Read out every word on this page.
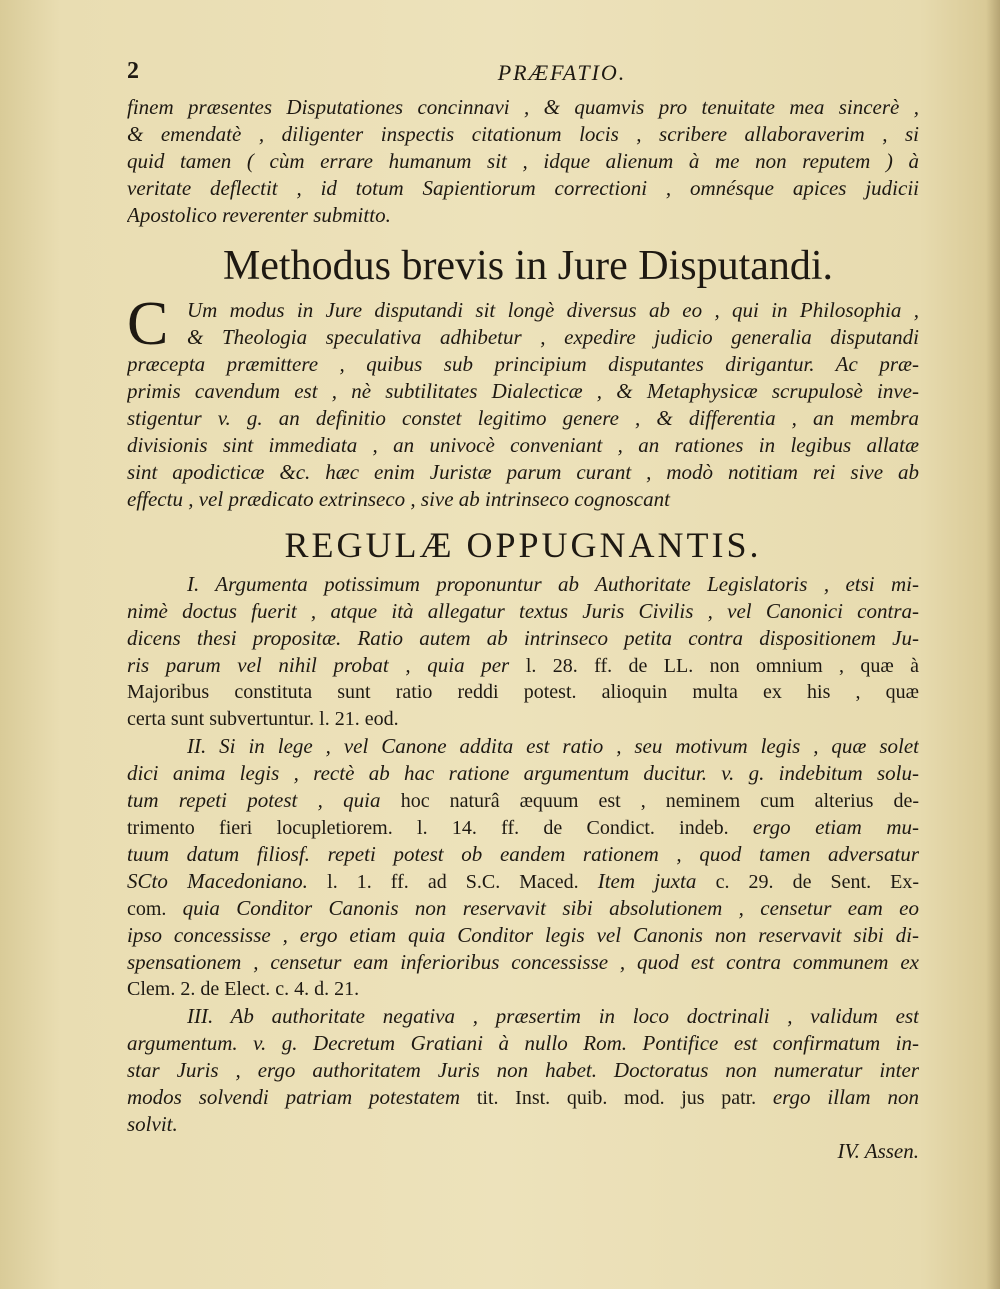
2	PRÆFATIO.
finem præsentes Disputationes concinnavi , & quamvis pro tenuitate mea sincerè ,
& emendatè , diligenter inspectis citationum locis , scribere allaboraverim , si
quid tamen ( cùm errare humanum sit , idque alienum à me non reputem ) à
veritate deflectit , id totum Sapientiorum correctioni , omnésque apices judicii
Apostolico reverenter submitto.
Methodus brevis in Jure Disputandi.
C Um modus in Jure disputandi sit longè diversus ab eo , qui in Philosophia ,
& Theologia speculativa adhibetur , expedire judicio generalia disputandi
præcepta præmittere , quibus sub principium disputantes dirigantur. Ac præ-
primis cavendum est , nè subtilitates Dialecticæ , & Metaphysicæ scrupulosè inve-
stigentur v. g. an definitio constet legitimo genere , & differentia , an membra
divisionis sint immediata , an univocè conveniant , an rationes in legibus allatæ
sint apodicticæ &c. hæc enim Juristæ parum curant , modò notitiam rei sive ab
effectu , vel prædicato extrinseco , sive ab intrinseco cognoscant
REGULÆ OPPUGNANTIS.
I. Argumenta potissimum proponuntur ab Authoritate Legislatoris , etsi mi-
nimè doctus fuerit , atque ità allegatur textus Juris Civilis , vel Canonici contra-
dicens thesi propositæ. Ratio autem ab intrinseco petita contra dispositionem Ju-
ris parum vel nihil probat , quia per l. 28. ff. de LL. non omnium , quæ à
Majoribus constituta sunt ratio reddi potest. alioquin multa ex his , quæ
certa sunt subvertuntur. l. 21. eod.
II. Si in lege , vel Canone addita est ratio , seu motivum legis , quæ solet
dici anima legis , rectè ab hac ratione argumentum ducitur. v. g. indebitum solu-
tum repeti potest , quia hoc naturâ æquum est , neminem cum alterius de-
trimento fieri locupletiorem. l. 14. ff. de Condict. indeb. ergo etiam mu-
tuum datum filiosf. repeti potest ob eandem rationem , quod tamen adversatur
SCto Macedoniano. l. 1. ff. ad S.C. Maced. Item juxta c. 29. de Sent. Ex-
com. quia Conditor Canonis non reservavit sibi absolutionem , censetur eam eo
ipso concessisse , ergo etiam quia Conditor legis vel Canonis non reservavit sibi di-
spensationem , censetur eam inferioribus concessisse , quod est contra communem ex
Clem. 2. de Elect. c. 4. d. 21.
III. Ab authoritate negativa , præsertim in loco doctrinali , validum est
argumentum. v. g. Decretum Gratiani à nullo Rom. Pontifice est confirmatum in-
star Juris , ergo authoritatem Juris non habet. Doctoratus non numeratur inter
modos solvendi patriam potestatem tit. Inst. quib. mod. jus patr. ergo illam non
solvit.
IV. Assen.
